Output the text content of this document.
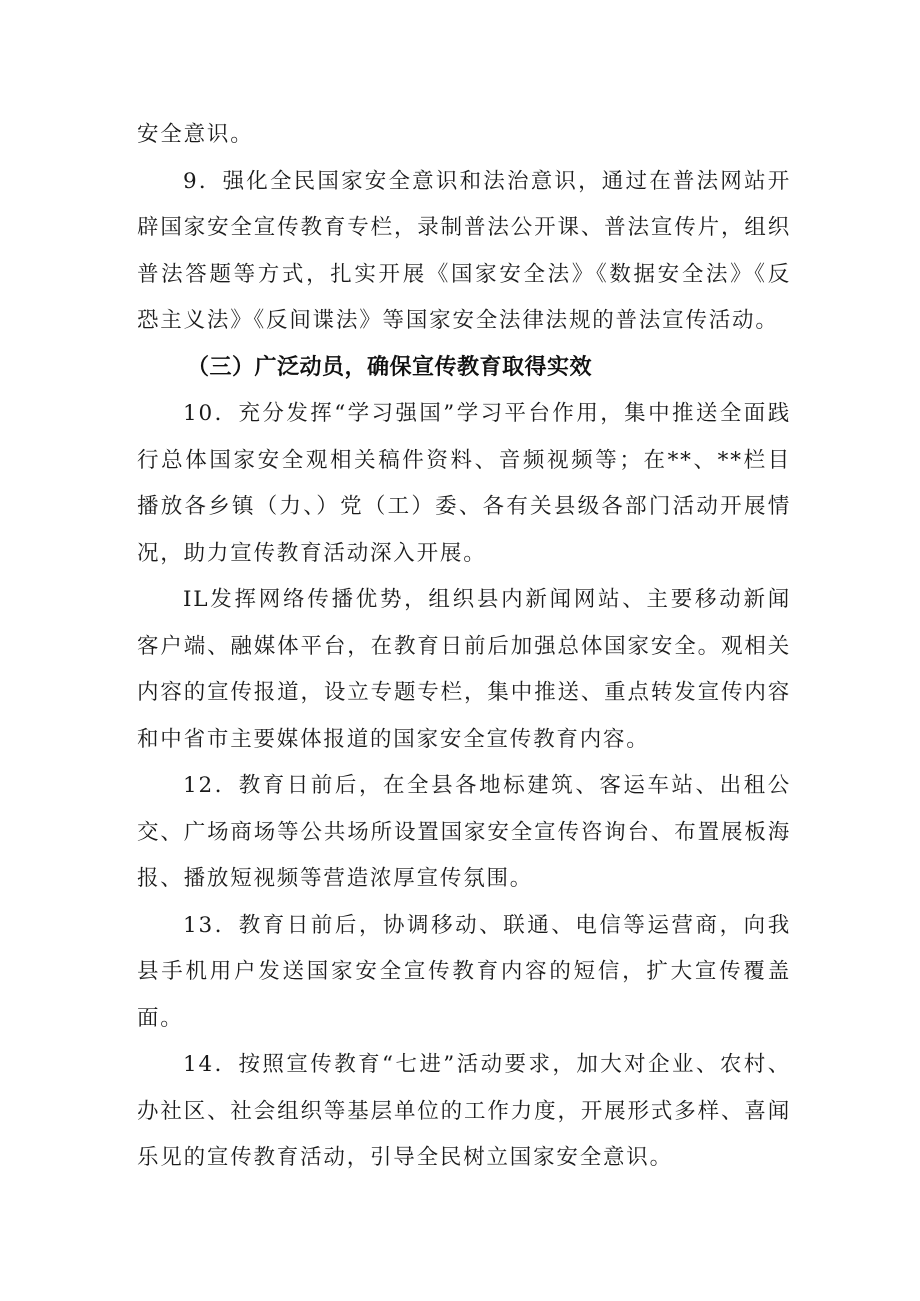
安全意识。

9．强化全民国家安全意识和法治意识，通过在普法网站开辟国家安全宣传教育专栏，录制普法公开课、普法宣传片，组织普法答题等方式，扎实开展《国家安全法》《数据安全法》《反恐主义法》《反间谍法》等国家安全法律法规的普法宣传活动。

（三）广泛动员，确保宣传教育取得实效

10．充分发挥“学习强国”学习平台作用，集中推送全面践行总体国家安全观相关稿件资料、音频视频等；在**、**栏目播放各乡镇（力、）党（工）委、各有关县级各部门活动开展情况，助力宣传教育活动深入开展。

IL发挥网络传播优势，组织县内新闻网站、主要移动新闻客户端、融媒体平台，在教育日前后加强总体国家安全。观相关内容的宣传报道，设立专题专栏，集中推送、重点转发宣传内容和中省市主要媒体报道的国家安全宣传教育内容。

12．教育日前后，在全县各地标建筑、客运车站、出租公交、广场商场等公共场所设置国家安全宣传咨询台、布置展板海报、播放短视频等营造浓厚宣传氛围。

13．教育日前后，协调移动、联通、电信等运营商，向我县手机用户发送国家安全宣传教育内容的短信，扩大宣传覆盖面。

14．按照宣传教育“七进”活动要求，加大对企业、农村、办社区、社会组织等基层单位的工作力度，开展形式多样、喜闻乐见的宣传教育活动，引导全民树立国家安全意识。
